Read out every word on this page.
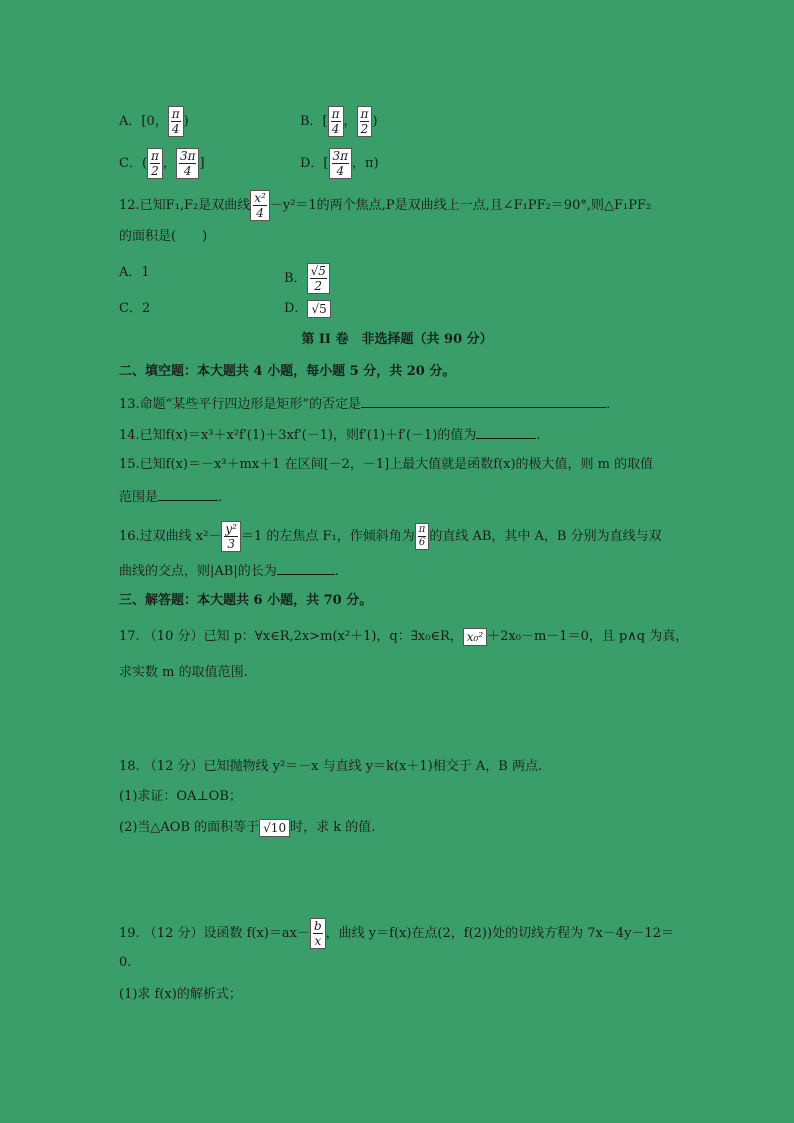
A．[0， $\frac{\pi}{4}$ )	B．[ $\frac{\pi}{4}$ ， $\frac{\pi}{2}$ )
C．( $\frac{\pi}{2}$ ， $\frac{3\pi}{4}$ ]	D．[ $\frac{3\pi}{4}$ ，π)
12.已知F₁,F₂是双曲线 $\frac{\text{x²}}{4} -y^2=1$的两个焦点,P是双曲线上一点,且∠F₁PF₂＝90°,则△F₁PF₂
的面积是(　　)
A．1	B． $\frac{√5}{2}$
C．2	D． √5
第 II 卷　非选择题（共 90 分）
二、填空题：本大题共 4 小题，每小题 5 分，共 20 分。
13.命题“某些平行四边形是矩形”的否定是	.
14.已知f(x)＝x³＋x²f′(1)＋3xf′(－1)，则f′(1)＋f′(－1)的值为	.
15.已知f(x)＝－x³＋mx＋1 在区间[－2，－1]上最大值就是函数f(x)的极大值，则 m 的取值
范围是	.
16.过双曲线 $x^2- \frac{\text{y²}}{3} =1$ 的左焦点 F₁，作倾斜角为 $\frac{\pi}{6}$ 的直线 AB，其中 A，B 分别为直线与双
曲线的交点，则|AB|的长为	.
三、解答题：本大题共 6 小题，共 70 分。
17. （10 分）已知 p：∀x∈R,2x>m(x²＋1)，q：∃x₀∈R， x₀² ＋2x₀－m－1＝0，且 p∧q 为真，
求实数 m 的取值范围.
18. （12 分）已知抛物线 y²＝－x 与直线 y＝k(x＋1)相交于 A，B 两点.
(1)求证：OA⊥OB；
(2)当△AOB 的面积等于 √10 时，求 k 的值.
19. （12 分）设函数 $f(x)=ax- \frac{b}{x}$ ，曲线 y＝f(x)在点(2，f(2))处的切线方程为 7x－4y－12＝
0.
(1)求 f(x)的解析式；
